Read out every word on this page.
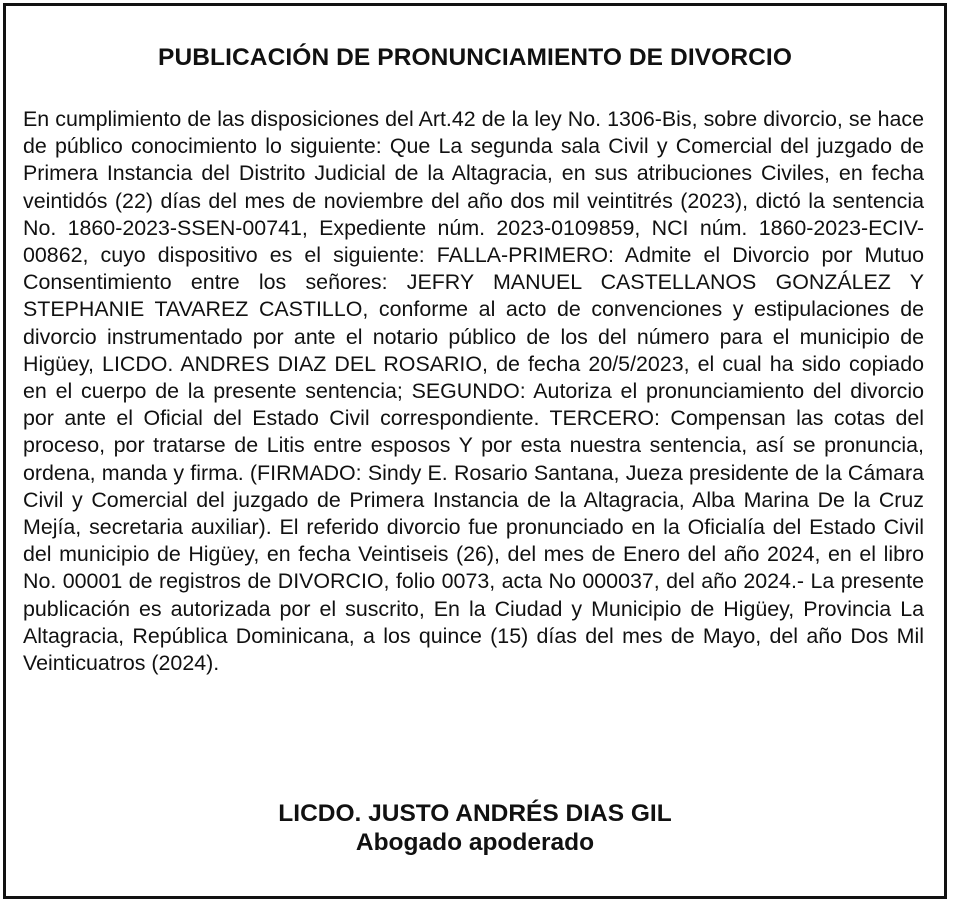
PUBLICACIÓN DE PRONUNCIAMIENTO DE DIVORCIO

En cumplimiento de las disposiciones del Art.42 de la ley No. 1306-Bis, sobre divorcio, se hace de público conocimiento lo siguiente: Que La segunda sala Civil y Comercial del juzgado de Primera Instancia del Distrito Judicial de la Altagracia, en sus atribuciones Civiles, en fecha veintidós (22) días del mes de noviembre del año dos mil veintitrés (2023), dictó la sentencia No. 1860-2023-SSEN-00741, Expediente núm. 2023-0109859, NCI núm. 1860-2023-ECIV-00862, cuyo dispositivo es el siguiente: FALLA-PRIMERO: Admite el Divorcio por Mutuo Consentimiento entre los señores: JEFRY MANUEL CASTELLANOS GONZÁLEZ Y STEPHANIE TAVAREZ CASTILLO, conforme al acto de convenciones y estipulaciones de divorcio instrumentado por ante el notario público de los del número para el municipio de Higüey, LICDO. ANDRES DIAZ DEL ROSARIO, de fecha 20/5/2023, el cual ha sido copiado en el cuerpo de la presente sentencia; SEGUNDO: Autoriza el pronunciamiento del divorcio por ante el Oficial del Estado Civil correspondiente. TERCERO: Compensan las cotas del proceso, por tratarse de Litis entre esposos Y por esta nuestra sentencia, así se pronuncia, ordena, manda y firma. (FIRMADO: Sindy E. Rosario Santana, Jueza presidente de la Cámara Civil y Comercial del juzgado de Primera Instancia de la Altagracia, Alba Marina De la Cruz Mejía, secretaria auxiliar). El referido divorcio fue pronunciado en la Oficialía del Estado Civil del municipio de Higüey, en fecha Veintiseis (26), del mes de Enero del año 2024, en el libro No. 00001 de registros de DIVORCIO, folio 0073, acta No 000037, del año 2024.- La presente publicación es autorizada por el suscrito, En la Ciudad y Municipio de Higüey, Provincia La Altagracia, República Dominicana, a los quince (15) días del mes de Mayo, del año Dos Mil Veinticuatros (2024).

LICDO. JUSTO ANDRÉS DIAS GIL
Abogado apoderado
